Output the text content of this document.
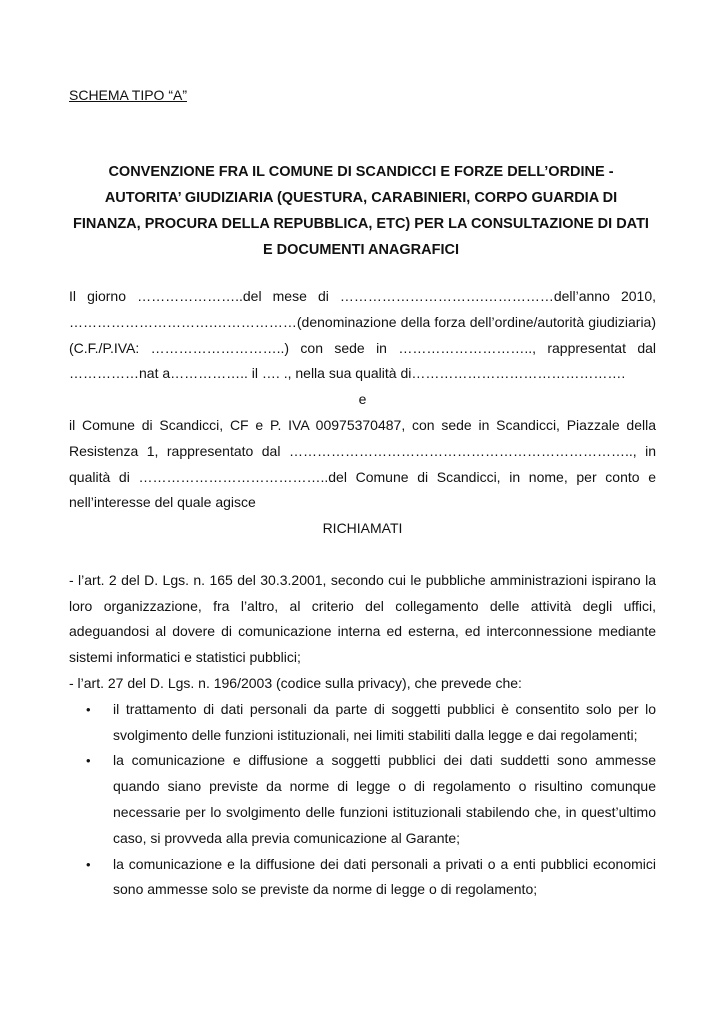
SCHEMA TIPO “A”
CONVENZIONE FRA IL COMUNE DI SCANDICCI E FORZE DELL’ORDINE -
AUTORITA’ GIUDIZIARIA (QUESTURA, CARABINIERI, CORPO GUARDIA DI
FINANZA, PROCURA DELLA REPUBBLICA, ETC) PER LA CONSULTAZIONE DI DATI
E DOCUMENTI ANAGRAFICI

Il giorno …………………..del mese di ………………………….……………dell’anno 2010, ………………………….………………(denominazione della forza dell’ordine/autorità giudiziaria) (C.F./P.IVA: ………………………..) con sede in ……………………….., rappresentat dal ……………nat a…………….. il …. ., nella sua qualità di……………………………………….

e

il Comune di Scandicci, CF e P. IVA 00975370487, con sede in Scandicci, Piazzale della Resistenza 1, rappresentato dal ……………………………………………………………….., in qualità di …………………………………..del Comune di Scandicci, in nome, per conto e nell’interesse del quale agisce

RICHIAMATI

- l’art. 2 del D. Lgs. n. 165 del 30.3.2001, secondo cui le pubbliche amministrazioni ispirano la loro organizzazione, fra l’altro, al criterio del collegamento delle attività degli uffici, adeguandosi al dovere di comunicazione interna ed esterna, ed interconnessione mediante sistemi informatici e statistici pubblici;

- l’art. 27 del D. Lgs. n. 196/2003 (codice sulla privacy), che prevede che:

• il trattamento di dati personali da parte di soggetti pubblici è consentito solo per lo svolgimento delle funzioni istituzionali, nei limiti stabiliti dalla legge e dai regolamenti;
• la comunicazione e diffusione a soggetti pubblici dei dati suddetti sono ammesse quando siano previste da norme di legge o di regolamento o risultino comunque necessarie per lo svolgimento delle funzioni istituzionali stabilendo che, in quest’ultimo caso, si provveda alla previa comunicazione al Garante;
• la comunicazione e la diffusione dei dati personali a privati o a enti pubblici economici sono ammesse solo se previste da norme di legge o di regolamento;
